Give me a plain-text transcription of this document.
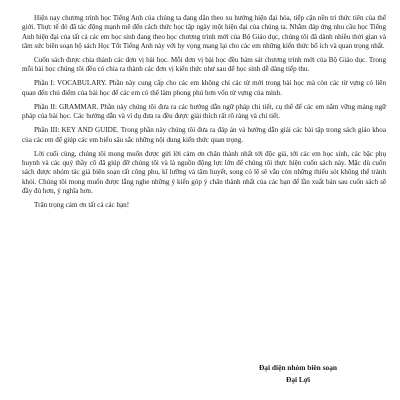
Hiện nay chương trình học Tiếng Anh của chúng ta đang dần theo xu hướng hiện đại hóa, tiếp cận nền tri thức tiên của thế giới. Thực tế đó đã tác động mạnh mẽ đến cách thức học tập ngày một hiện đại của chúng ta. Nhằm đáp ứng nhu cầu học Tiếng Anh hiện đại của tất cả các em học sinh đang theo học chương trình mới của Bộ Giáo dục, chúng tôi đã dành nhiều thời gian và tâm sức biên soạn bộ sách Học Tốt Tiếng Anh này với hy vọng mang lại cho các em những kiến thức bổ ích và quan trọng nhất.

Cuốn sách được chia thành các đơn vị bài học. Mỗi đơn vị bài học đều bám sát chương trình mới của Bộ Giáo dục. Trong mỗi bài học chúng tôi đều có chia ra thành các đơn vị kiến thức như sau để học sinh dễ dàng tiếp thu.

Phần I: VOCABULARY. Phần này cung cấp cho các em không chỉ các từ mới trong bài học mà còn các từ vựng có liên quan đến chủ điểm của bài học để các em có thể làm phong phú hơn vốn từ vựng của mình.

Phần II: GRAMMAR. Phần này chúng tôi đưa ra các hướng dẫn ngữ pháp chi tiết, cụ thể để các em nắm vững mảng ngữ pháp của bài học. Các hướng dẫn và ví dụ đưa ra đều được giải thích rất rõ ràng và chi tiết.

Phần III: KEY AND GUIDE. Trong phần này chúng tôi đưa ra đáp án và hướng dẫn giải các bài tập trong sách giáo khoa của các em để giúp các em hiểu sâu sắc những nội dung kiến thức quan trọng.

Lời cuối cùng, chúng tôi mong muốn được gửi lời cảm ơn chân thành nhất tới độc giả, tới các em học sinh, các bậc phụ huynh và các quý thầy cô đã giúp đỡ chúng tôi và là nguồn động lực lớn để chúng tôi thực hiện cuốn sách này. Mặc dù cuốn sách được nhóm tác giả biên soạn rất công phu, kĩ lưỡng và tâm huyết, song có lẽ sẽ vẫn còn những thiếu sót không thể tránh khỏi. Chúng tôi mong muốn được lắng nghe những ý kiến góp ý chân thành nhất của các bạn để lần xuất bản sau cuốn sách sẽ đầy đủ hơn, ý nghĩa hơn.

Trân trọng cảm ơn tất cả các bạn!

Đại diện nhóm biên soạn
Đại Lợi
